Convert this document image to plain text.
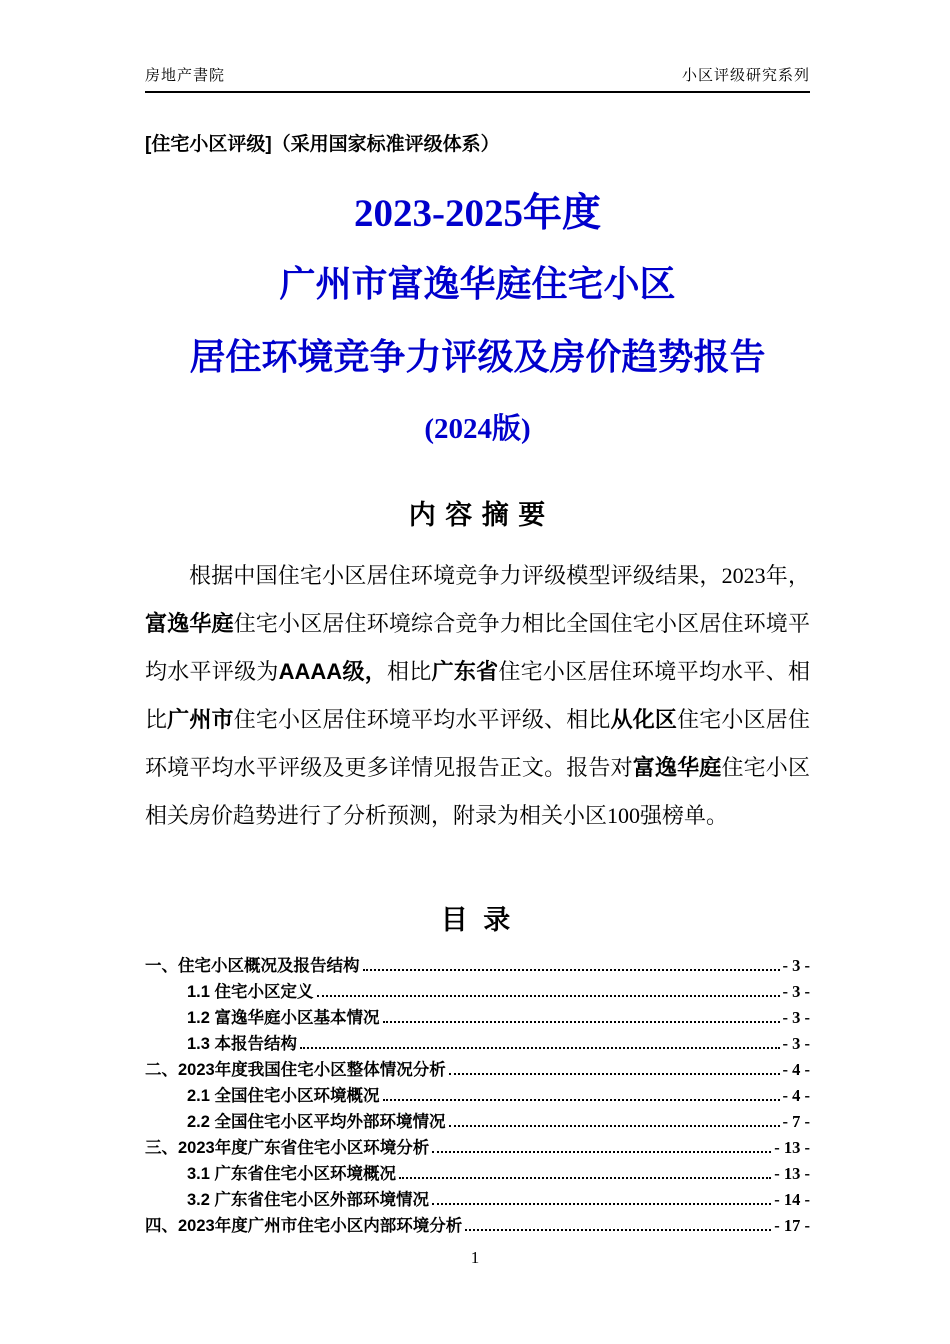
房地产書院	小区评级研究系列
[住宅小区评级]（采用国家标准评级体系）
2023-2025年度
广州市富逸华庭住宅小区
居住环境竞争力评级及房价趋势报告
(2024版)
内 容 摘 要

根据中国住宅小区居住环境竞争力评级模型评级结果，2023年，富逸华庭住宅小区居住环境综合竞争力相比全国住宅小区居住环境平均水平评级为AAAA级，相比广东省住宅小区居住环境平均水平、相比广州市住宅小区居住环境平均水平评级、相比从化区住宅小区居住环境平均水平评级及更多详情见报告正文。报告对富逸华庭住宅小区相关房价趋势进行了分析预测，附录为相关小区100强榜单。

目 录
一、住宅小区概况及报告结构	- 3 -
1.1 住宅小区定义	- 3 -
1.2 富逸华庭小区基本情况	- 3 -
1.3 本报告结构	- 3 -
二、2023年度我国住宅小区整体情况分析	- 4 -
2.1 全国住宅小区环境概况	- 4 -
2.2 全国住宅小区平均外部环境情况	- 7 -
三、2023年度广东省住宅小区环境分析	- 13 -
3.1 广东省住宅小区环境概况	- 13 -
3.2 广东省住宅小区外部环境情况	- 14 -
四、2023年度广州市住宅小区内部环境分析	- 17 -
1
